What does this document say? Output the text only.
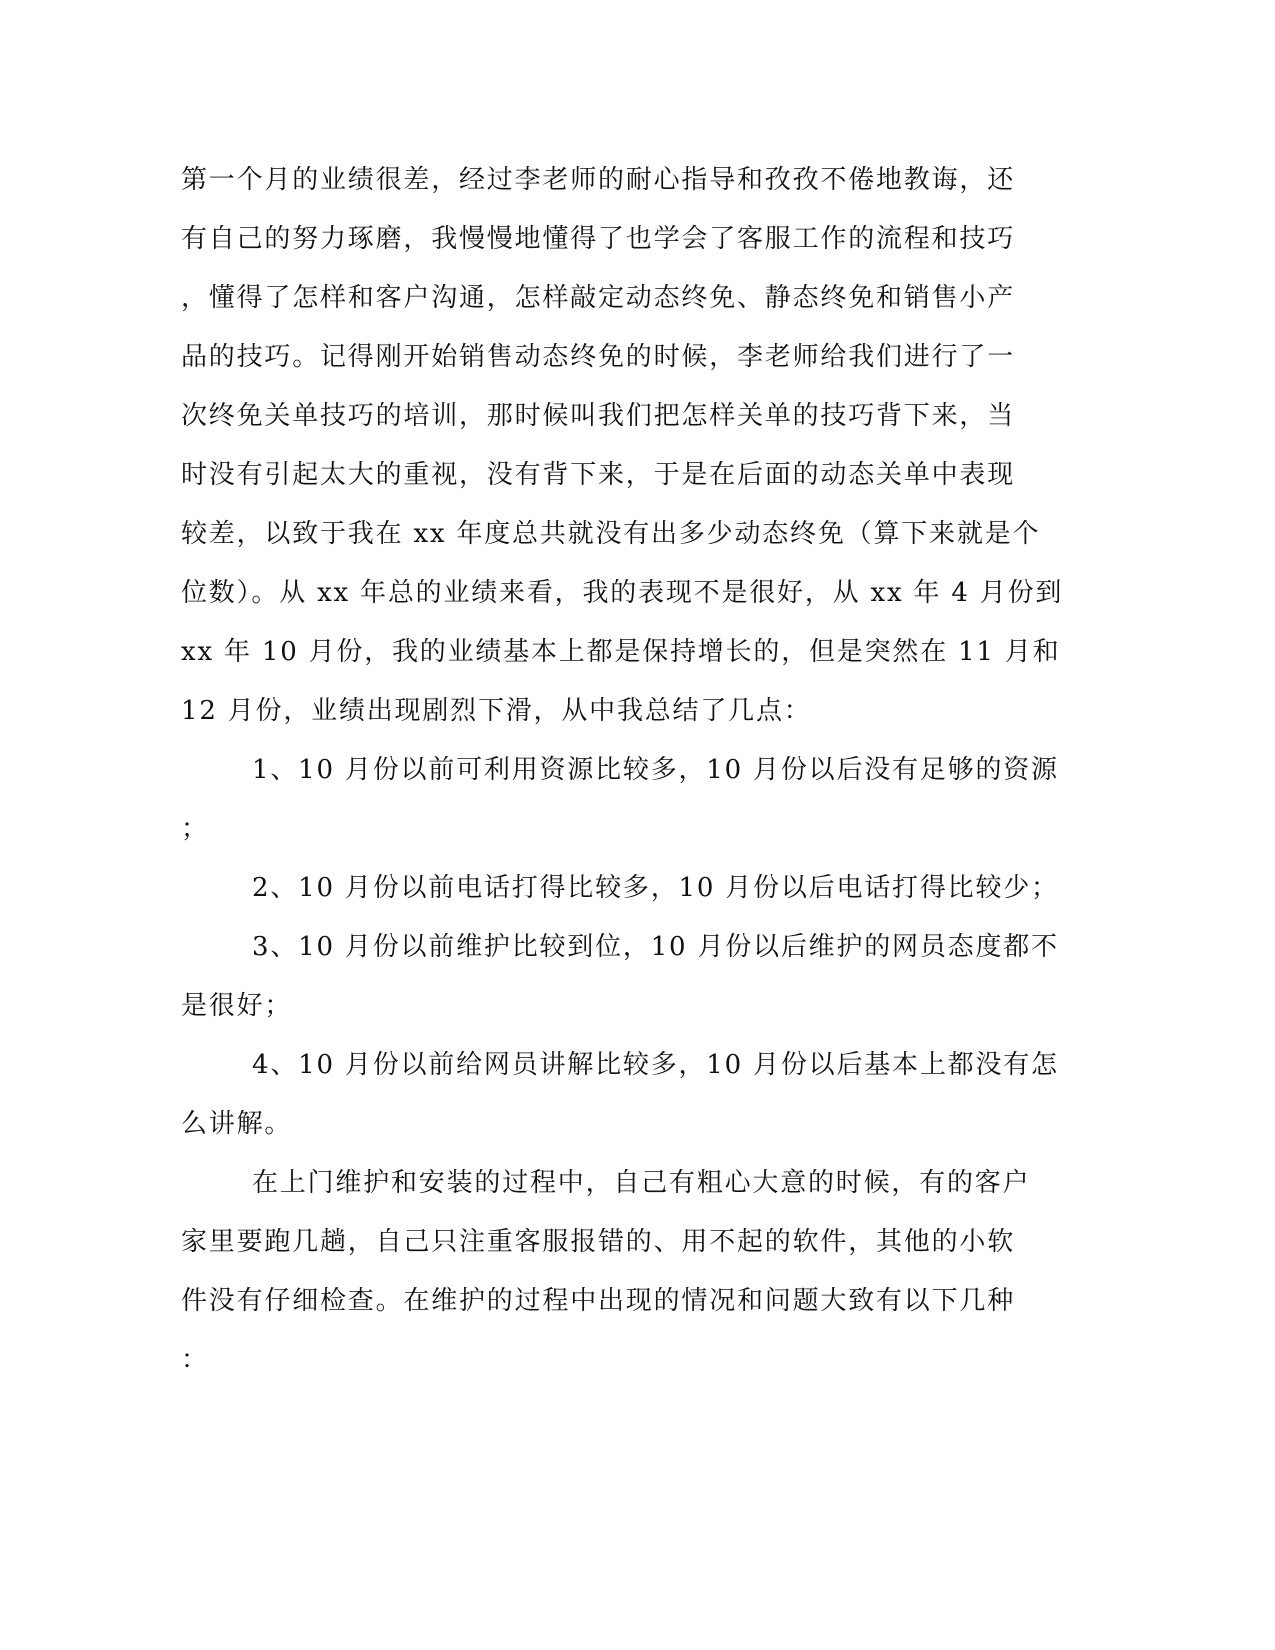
第一个月的业绩很差，经过李老师的耐心指导和孜孜不倦地教诲，还
有自己的努力琢磨，我慢慢地懂得了也学会了客服工作的流程和技巧
，懂得了怎样和客户沟通，怎样敲定动态终免、静态终免和销售小产
品的技巧。记得刚开始销售动态终免的时候，李老师给我们进行了一
次终免关单技巧的培训，那时候叫我们把怎样关单的技巧背下来，当
时没有引起太大的重视，没有背下来，于是在后面的动态关单中表现
较差，以致于我在 xx 年度总共就没有出多少动态终免（算下来就是个
位数）。从 xx 年总的业绩来看，我的表现不是很好，从 xx 年 4 月份到
xx 年 10 月份，我的业绩基本上都是保持增长的，但是突然在 11 月和
12 月份，业绩出现剧烈下滑，从中我总结了几点：
1、10 月份以前可利用资源比较多，10 月份以后没有足够的资源
；
2、10 月份以前电话打得比较多，10 月份以后电话打得比较少；
3、10 月份以前维护比较到位，10 月份以后维护的网员态度都不
是很好；
4、10 月份以前给网员讲解比较多，10 月份以后基本上都没有怎
么讲解。
在上门维护和安装的过程中，自己有粗心大意的时候，有的客户
家里要跑几趟，自己只注重客服报错的、用不起的软件，其他的小软
件没有仔细检查。在维护的过程中出现的情况和问题大致有以下几种
：
